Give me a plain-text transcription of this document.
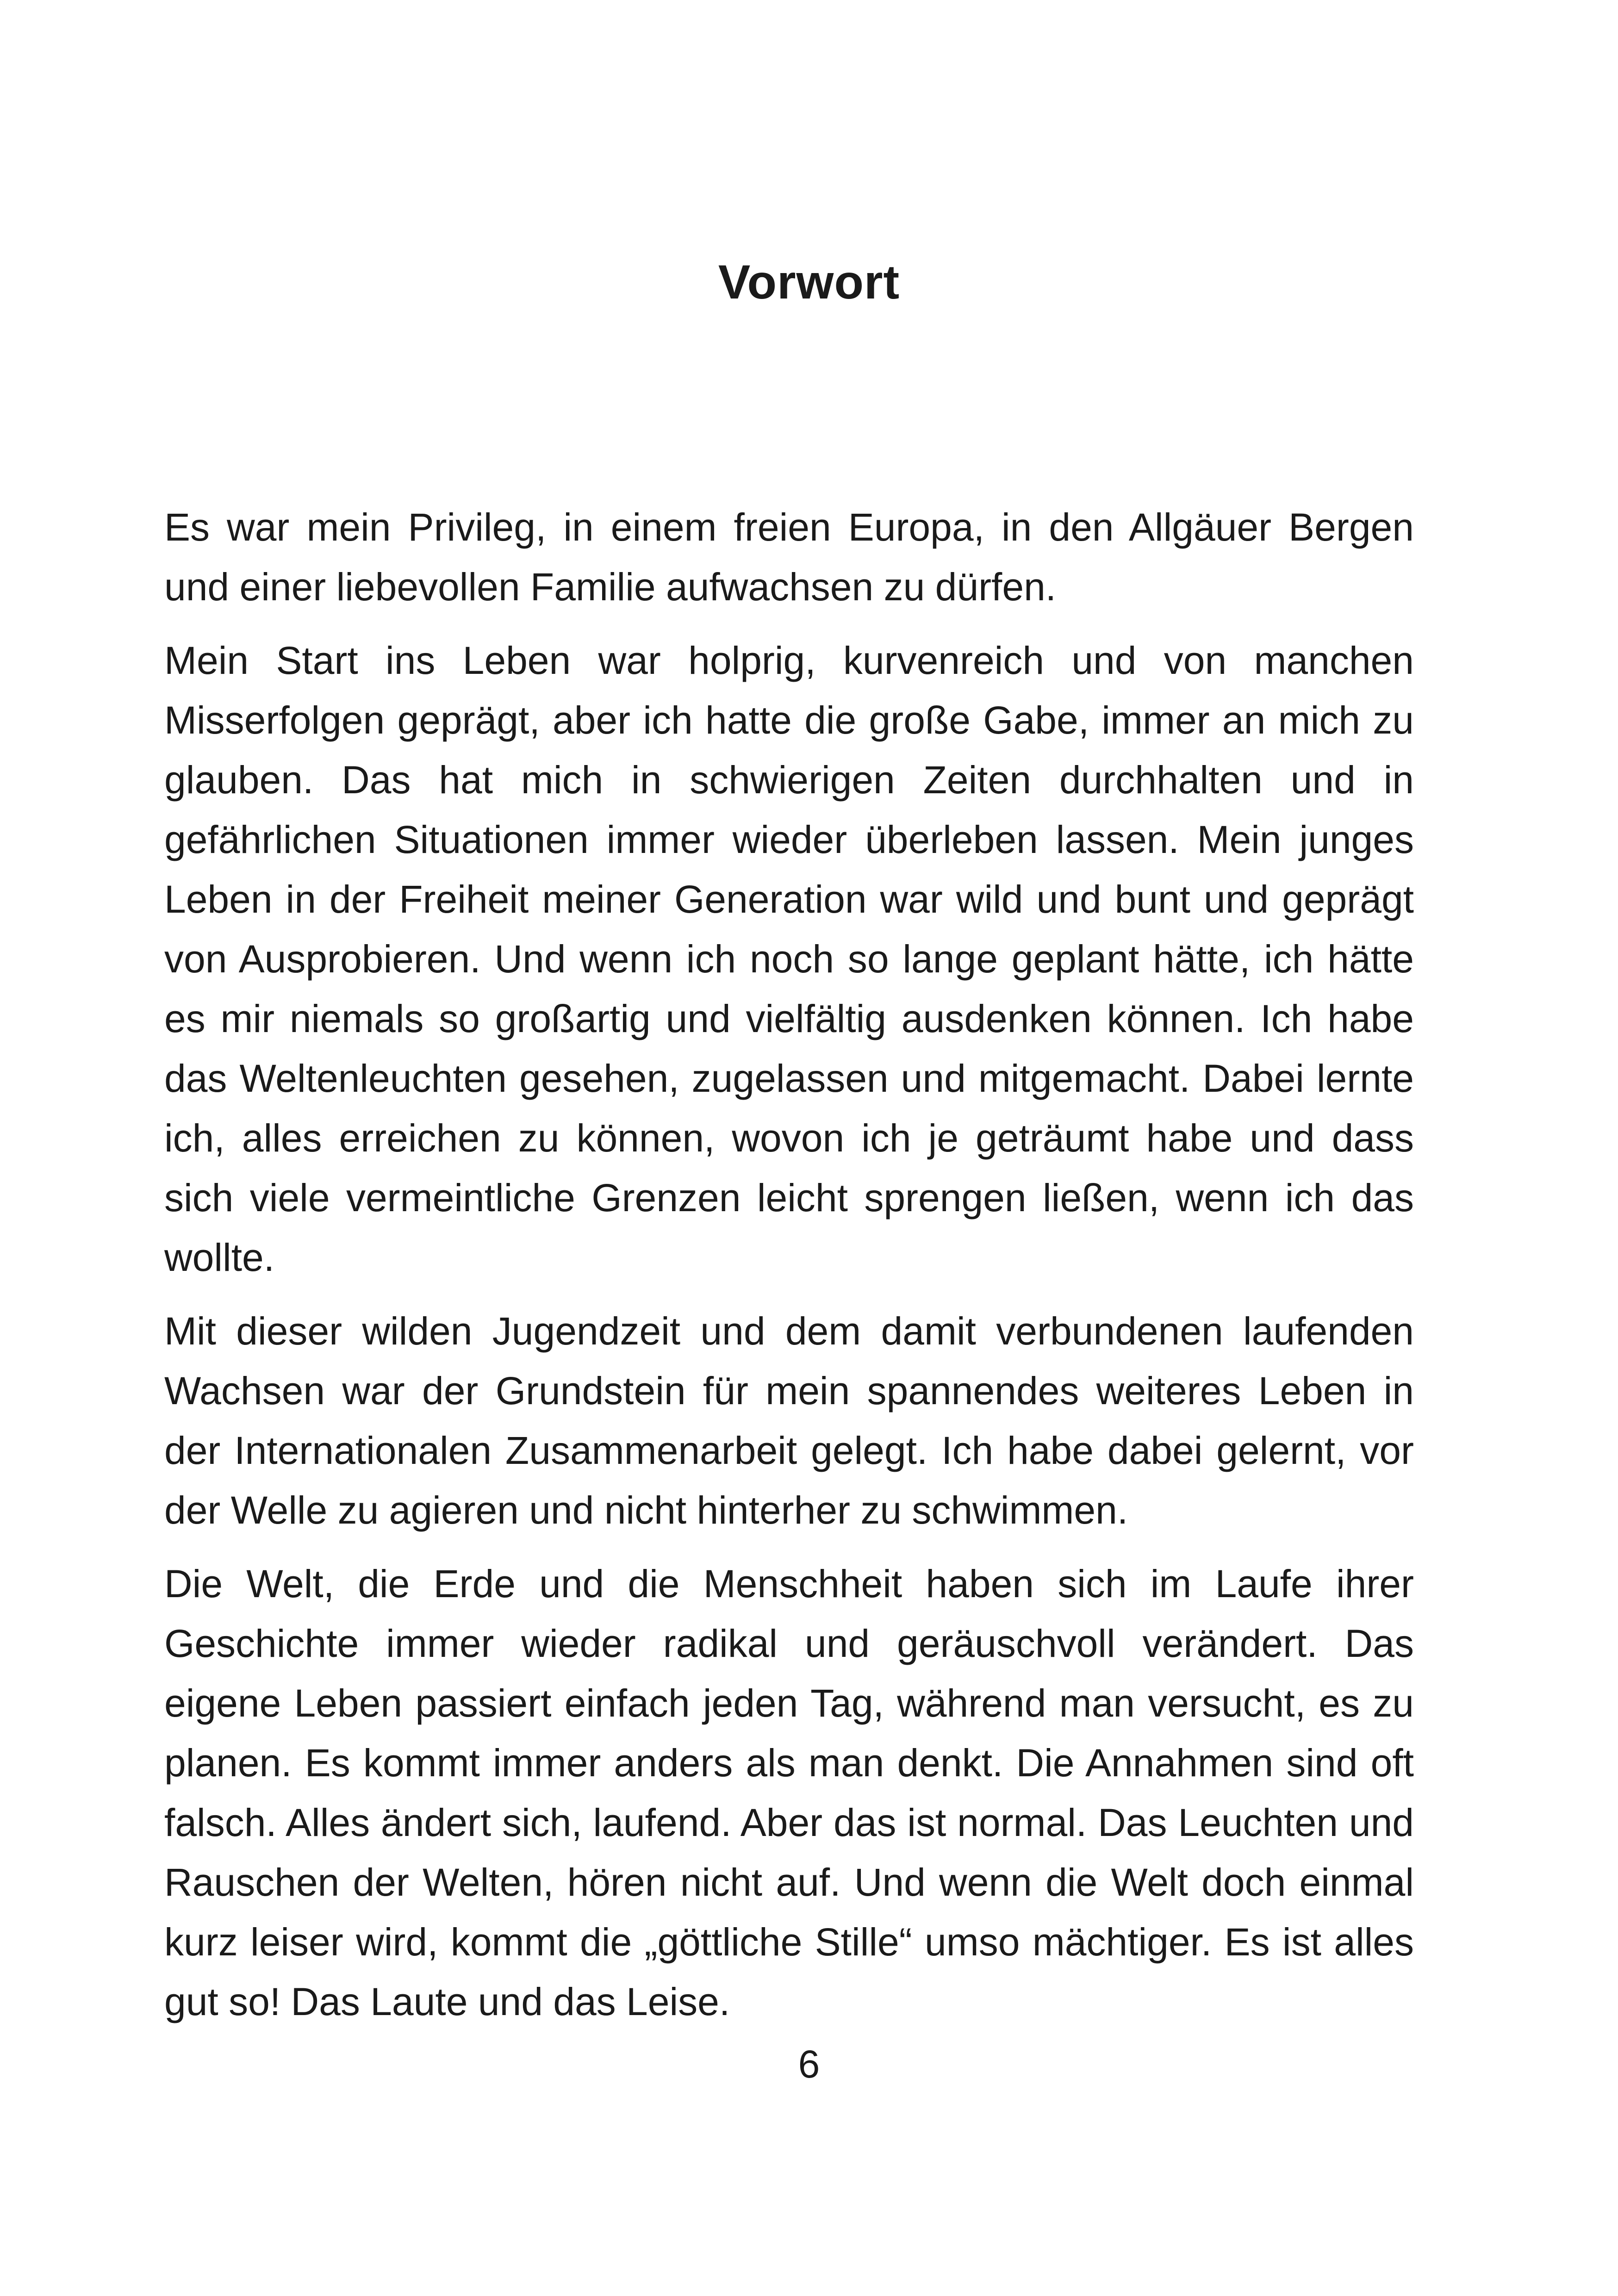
Vorwort

Es war mein Privileg, in einem freien Europa, in den Allgäuer Bergen und einer liebevollen Familie aufwachsen zu dürfen.

Mein Start ins Leben war holprig, kurvenreich und von manchen Misserfolgen geprägt, aber ich hatte die große Gabe, immer an mich zu glauben. Das hat mich in schwierigen Zeiten durchhalten und in gefährlichen Situationen immer wieder überleben lassen. Mein junges Leben in der Freiheit meiner Generation war wild und bunt und geprägt von Ausprobieren. Und wenn ich noch so lange geplant hätte, ich hätte es mir niemals so großartig und vielfältig ausdenken können. Ich habe das Weltenleuchten gesehen, zugelassen und mitgemacht. Dabei lernte ich, alles erreichen zu können, wovon ich je geträumt habe und dass sich viele vermeintliche Grenzen leicht sprengen ließen, wenn ich das wollte.

Mit dieser wilden Jugendzeit und dem damit verbundenen laufenden Wachsen war der Grundstein für mein spannendes weiteres Leben in der Internationalen Zusammenarbeit gelegt. Ich habe dabei gelernt, vor der Welle zu agieren und nicht hinterher zu schwimmen.

Die Welt, die Erde und die Menschheit haben sich im Laufe ihrer Geschichte immer wieder radikal und geräuschvoll verändert. Das eigene Leben passiert einfach jeden Tag, während man versucht, es zu planen. Es kommt immer anders als man denkt. Die Annahmen sind oft falsch. Alles ändert sich, laufend. Aber das ist normal. Das Leuchten und Rauschen der Welten, hören nicht auf. Und wenn die Welt doch einmal kurz leiser wird, kommt die „göttliche Stille“ umso mächtiger. Es ist alles gut so! Das Laute und das Leise.

6
